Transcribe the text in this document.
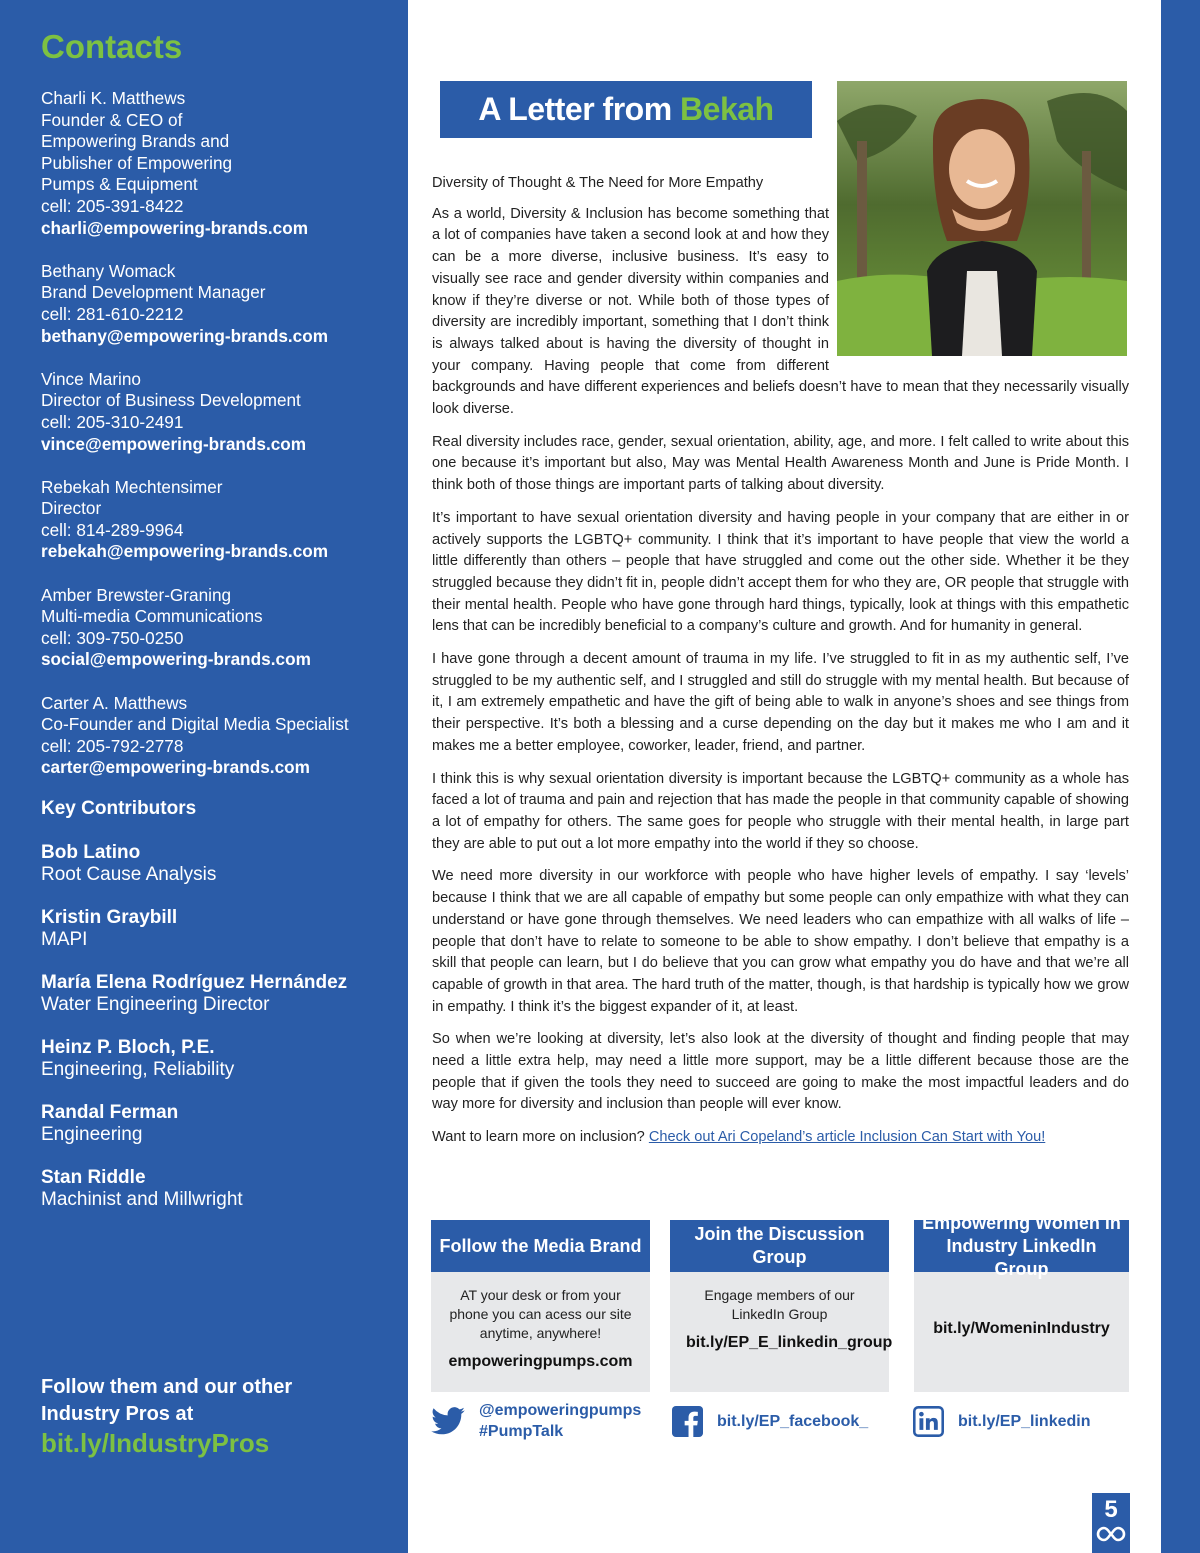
Contacts
Charli K. Matthews
Founder & CEO of
Empowering Brands and
Publisher of Empowering
Pumps & Equipment
cell: 205-391-8422
charli@empowering-brands.com
Bethany Womack
Brand Development Manager
cell: 281-610-2212
bethany@empowering-brands.com
Vince Marino
Director of Business Development
cell: 205-310-2491
vince@empowering-brands.com
Rebekah Mechtensimer
Director
cell: 814-289-9964
rebekah@empowering-brands.com
Amber Brewster-Graning
Multi-media Communications
cell: 309-750-0250
social@empowering-brands.com
Carter A. Matthews
Co-Founder and Digital Media Specialist
cell: 205-792-2778
carter@empowering-brands.com
Key Contributors
Bob Latino
Root Cause Analysis
Kristin Graybill
MAPI
María Elena Rodríguez Hernández
Water Engineering Director
Heinz P. Bloch, P.E.
Engineering, Reliability
Randal Ferman
Engineering
Stan Riddle
Machinist and Millwright
Follow them and our other Industry Pros at
bit.ly/IndustryPros
A Letter from Bekah

Diversity of Thought & The Need for More Empathy

As a world, Diversity & Inclusion has become something that a lot of companies have taken a second look at and how they can be a more diverse, inclusive business. It’s easy to visually see race and gender diversity within companies and know if they’re diverse or not. While both of those types of diversity are incredibly important, something that I don’t think is always talked about is having the diversity of thought in your company. Having people that come from different backgrounds and have different experiences and beliefs doesn’t have to mean that they necessarily visually look diverse.

Real diversity includes race, gender, sexual orientation, ability, age, and more. I felt called to write about this one because it’s important but also, May was Mental Health Awareness Month and June is Pride Month. I think both of those things are important parts of talking about diversity.

It’s important to have sexual orientation diversity and having people in your company that are either in or actively supports the LGBTQ+ community. I think that it’s important to have people that view the world a little differently than others – people that have struggled and come out the other side. Whether it be they struggled because they didn’t fit in, people didn’t accept them for who they are, OR people that struggle with their mental health. People who have gone through hard things, typically, look at things with this empathetic lens that can be incredibly beneficial to a company’s culture and growth. And for humanity in general.

I have gone through a decent amount of trauma in my life. I’ve struggled to fit in as my authentic self, I’ve struggled to be my authentic self, and I struggled and still do struggle with my mental health. But because of it, I am extremely empathetic and have the gift of being able to walk in anyone’s shoes and see things from their perspective. It’s both a blessing and a curse depending on the day but it makes me who I am and it makes me a better employee, coworker, leader, friend, and partner.

I think this is why sexual orientation diversity is important because the LGBTQ+ community as a whole has faced a lot of trauma and pain and rejection that has made the people in that community capable of showing a lot of empathy for others. The same goes for people who struggle with their mental health, in large part they are able to put out a lot more empathy into the world if they so choose.

We need more diversity in our workforce with people who have higher levels of empathy. I say ‘levels’ because I think that we are all capable of empathy but some people can only empathize with what they can understand or have gone through themselves. We need leaders who can empathize with all walks of life – people that don’t have to relate to someone to be able to show empathy. I don’t believe that empathy is a skill that people can learn, but I do believe that you can grow what empathy you do have and that we’re all capable of growth in that area. The hard truth of the matter, though, is that hardship is typically how we grow in empathy. I think it’s the biggest expander of it, at least.

So when we’re looking at diversity, let’s also look at the diversity of thought and finding people that may need a little extra help, may need a little more support, may be a little different because those are the people that if given the tools they need to succeed are going to make the most impactful leaders and do way more for diversity and inclusion than people will ever know.

Want to learn more on inclusion? Check out Ari Copeland’s article Inclusion Can Start with You!

Follow the Media Brand
AT your desk or from your phone you can acess our site anytime, anywhere!
empoweringpumps.com
Join the Discussion Group
Engage members of our LinkedIn Group
bit.ly/EP_E_linkedin_group
Empowering Women in Industry LinkedIn Group
bit.ly/WomeninIndustry
@empoweringpumps
#PumpTalk
bit.ly/EP_facebook_	bit.ly/EP_linkedin
5
